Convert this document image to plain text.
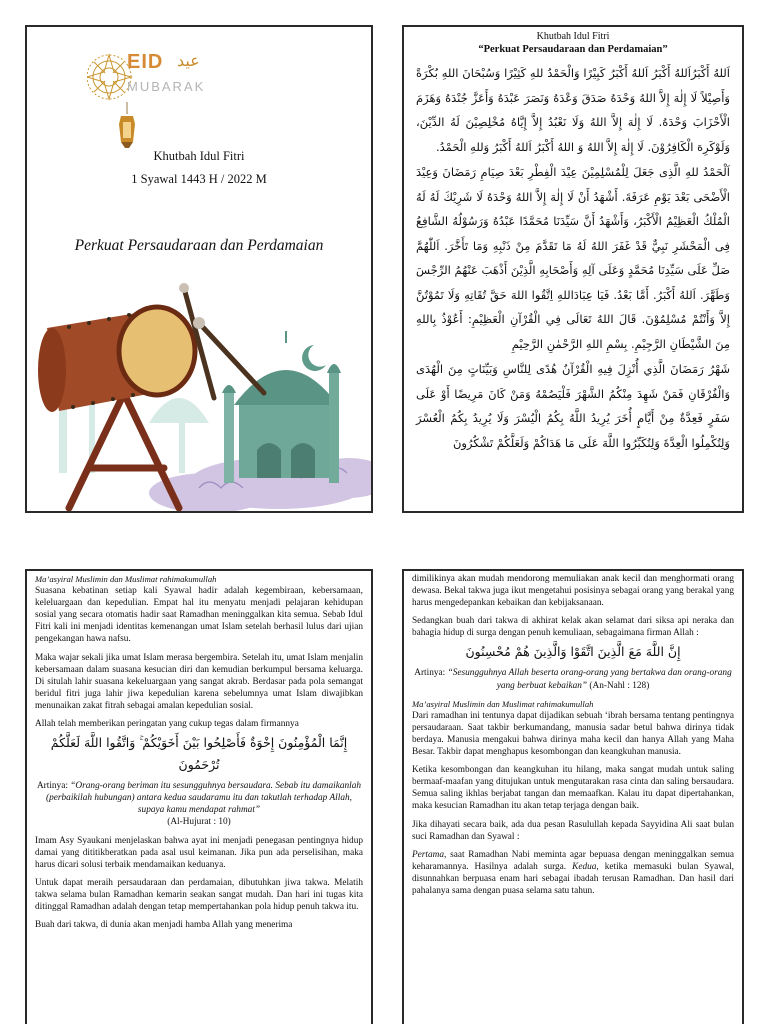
EID عيد
MUBARAK
Khutbah Idul Fitri
1 Syawal 1443 H / 2022 M
Perkuat Persaudaraan dan Perdamaian
Khutbah Idul Fitri
“Perkuat Persaudaraan dan Perdamaian”

اَللهُ أَكْبَرُاَللهُ أَكْبَرُ اَللهُ أَكْبَرُ كَبِيْرًا وَالْحَمْدُ للهِ كَثِيْرًا وَسُبْحَانَ اللهِ بُكْرَةً وَأَصِيْلاً لَا إِلٰهَ إِلاَّ اللهُ وَحْدَهُ صَدَقَ وَعْدَهُ وَنَصَرَ عَبْدَهُ وَأَعَزَّ جُنْدَهُ وَهَزَمَ الْأَحْزَابَ وَحْدَهُ. لَا إِلٰهَ إِلاَّ اللهُ وَلَا نَعْبُدُ إِلاَّ إِيَّاهُ مُخْلِصِيْنَ لَهُ الدِّيْنَ، وَلَوْكَرِهَ الْكَافِرُوْنَ. لَا إِلٰهَ إِلاَّ اللهُ وَ اللهُ أَكْبَرُ اَللهُ أَكْبَرُ وَللهِ الْحَمْدُ.

اَلْحَمْدُ للهِ الَّذِى جَعَلَ لِلْمُسْلِمِيْنَ عِيْدَ الْفِطْرِ بَعْدَ صِيَامِ رَمَضَانَ وَعِيْدَ الْأَضْحَى بَعْدَ يَوْمِ عَرَفَةَ. أَشْهَدُ أَنْ لَا إِلٰهَ إِلاَّ اللهُ وَحْدَهُ لَا شَرِيْكَ لَهُ لَهُ الْمُلْكُ الْعَظِيْمُ الْأَكْبَرُ، وَأَشْهَدُ أَنَّ سَيِّدَنَا مُحَمَّدًا عَبْدُهُ وَرَسُوْلُهُ الشَّافِعُ فِى الْمَحْشَرِ نَبِيٌّ قَدْ غَفَرَ اللهُ لَهُ مَا تَقَدَّمَ مِنْ ذَنْبِهِ وَمَا تَأَخَّرَ. اَللّٰهُمَّ صَلِّ عَلَى سَيِّدِنَا مُحَمَّدٍ وَعَلَى آلِهِ وَأَصْحَابِهِ الَّذِيْنَ أَذْهَبَ عَنْهُمُ الرِّجْسَ وَطَهَّرَ. اَللهُ أَكْبَرُ. أَمَّا بَعْدُ. فَيَا عِبَادَاللهِ اِتَّقُوا اللهَ حَقَّ تُقَاتِهِ وَلَا تَمُوْتُنَّ إِلاَّ وَأَنْتُمْ مُسْلِمُوْنَ. قَالَ اللهُ تَعَالَى فِي الْقُرْآنِ الْعَظِيْمِ: أَعُوْذُ بِاللهِ مِنَ الشَّيْطَانِ الرَّجِيْمِ. بِسْمِ اللهِ الرَّحْمٰنِ الرَّحِيْمِ

شَهْرُ رَمَضَانَ الَّذِي أُنْزِلَ فِيهِ الْقُرْآنُ هُدًى لِلنَّاسِ وَبَيِّنَاتٍ مِنَ الْهُدَى وَالْفُرْقَانِ فَمَنْ شَهِدَ مِنْكُمُ الشَّهْرَ فَلْيَصُمْهُ وَمَنْ كَانَ مَرِيضًا أَوْ عَلَى سَفَرٍ فَعِدَّةٌ مِنْ أَيَّامٍ أُخَرَ يُرِيدُ اللَّهُ بِكُمُ الْيُسْرَ وَلَا يُرِيدُ بِكُمُ الْعُسْرَ وَلِتُكْمِلُوا الْعِدَّةَ وَلِتُكَبِّرُوا اللَّهَ عَلَى مَا هَدَاكُمْ وَلَعَلَّكُمْ تَشْكُرُونَ

Ma’asyiral Muslimin dan Muslimat rahimakumullah

Suasana kebatinan setiap kali Syawal hadir adalah kegembiraan, kebersamaan, keleluargaan dan kepedulian. Empat hal itu menyatu menjadi pelajaran kehidupan sosial yang secara otomatis hadir saat Ramadhan meninggalkan kita semua. Sebab Idul Fitri kali ini menjadi identitas kemenangan umat Islam setelah berhasil lulus dari ujian pengekangan hawa nafsu.

Maka wajar sekali jika umat Islam merasa bergembira. Setelah itu, umat Islam menjalin kebersamaan dalam suasana kesucian diri dan kemudian berkumpul bersama keluarga. Di situlah lahir suasana kekeluargaan yang sangat akrab. Berdasar pada pola semangat beridul fitri juga lahir jiwa kepedulian karena sebelumnya umat Islam diwajibkan menunaikan zakat fitrah sebagai amalan kepedulian sosial.

Allah telah memberikan peringatan yang cukup tegas dalam firmannya

إِنَّمَا الْمُؤْمِنُونَ إِخْوَةٌ فَأَصْلِحُوا بَيْنَ أَخَوَيْكُمْ ۚ وَاتَّقُوا اللَّهَ لَعَلَّكُمْ تُرْحَمُونَ
Artinya: “Orang-orang beriman itu sesungguhnya bersaudara. Sebab itu damaikanlah (perbaikilah hubungan) antara kedua saudaramu itu dan takutlah terhadap Allah, supaya kamu mendapat rahmat”
(Al-Hujurat : 10)

Imam Asy Syaukani menjelaskan bahwa ayat ini menjadi penegasan pentingnya hidup damai yang dititikberatkan pada asal usul keimanan. Jika pun ada perselisihan, maka harus dicari solusi terbaik mendamaikan keduanya.

Untuk dapat meraih persaudaraan dan perdamaian, dibutuhkan jiwa takwa. Melatih takwa selama bulan Ramadhan kemarin seakan sangat mudah. Dan hari ini tugas kita ditinggal Ramadhan adalah dengan tetap mempertahankan pola hidup penuh takwa itu.

Buah dari takwa, di dunia akan menjadi hamba Allah yang menerima

dimilikinya akan mudah mendorong memuliakan anak kecil dan menghormati orang dewasa. Bekal takwa juga ikut mengetahui posisinya sebagai orang yang berakal yang harus mengedepankan kebaikan dan kebijaksanaan.

Sedangkan buah dari takwa di akhirat kelak akan selamat dari siksa api neraka dan bahagia hidup di surga dengan penuh kemuliaan, sebagaimana firman Allah :

إِنَّ اللَّهَ مَعَ الَّذِينَ اتَّقَوْا وَالَّذِينَ هُمْ مُحْسِنُونَ
Artinya: “Sesungguhnya Allah beserta orang-orang yang bertakwa dan orang-orang yang berbuat kebaikan” (An-Nahl : 128)
Ma’asyiral Muslimin dan Muslimat rahimakumullah

Dari ramadhan ini tentunya dapat dijadikan sebuah ‘ibrah bersama tentang pentingnya persaudaraan. Saat takbir berkumandang, manusia sadar betul bahwa dirinya tidak berdaya. Manusia mengakui bahwa dirinya maha kecil dan hanya Allah yang Maha Besar. Takbir dapat menghapus kesombongan dan keangkuhan manusia.

Ketika kesombongan dan keangkuhan itu hilang, maka sangat mudah untuk saling bermaaf-maafan yang ditujukan untuk mengutarakan rasa cinta dan saling bersaudara. Semua saling ikhlas berjabat tangan dan memaafkan. Kalau itu dapat dipertahankan, maka kesucian Ramadhan itu akan tetap terjaga dengan baik.

Jika dihayati secara baik, ada dua pesan Rasulullah kepada Sayyidina Ali saat bulan suci Ramadhan dan Syawal :

Pertama, saat Ramadhan Nabi meminta agar bepuasa dengan meninggalkan semua keharamannya. Hasilnya adalah surga. Kedua, ketika memasuki bulan Syawal, disunnahkan berpuasa enam hari sebagai ibadah terusan Ramadhan. Dan hasil dari pahalanya sama dengan puasa selama satu tahun.
